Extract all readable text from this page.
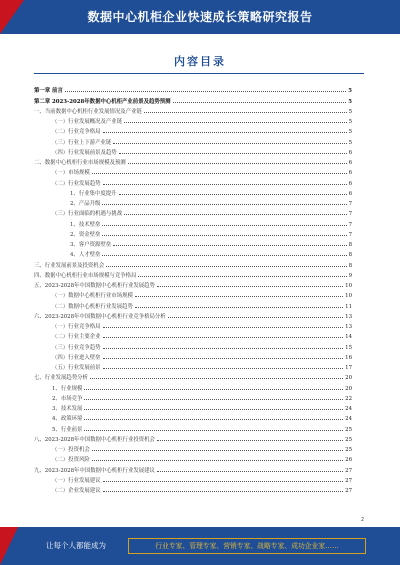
数据中心机柜企业快速成长策略研究报告
内容目录
第一章 前言	5
第二章 2023-2028年数据中心机柜产业前景及趋势预测	5
一、当前数据中心机柜行业发展情况及产业链	5
（一）行业发展概况及产业链	5
（二）行业竞争格局	5
（三）行业上下游产业链	5
（四）行业发展前景及趋势	6
二、数据中心机柜行业市场规模及预测	6
（一）市场规模	6
（二）行业发展趋势	6
1、行业集中度提升	6
2、产品升级	7
（三）行业面临的机遇与挑战	7
1、技术壁垒	7
2、资金壁垒	7
3、客户资源壁垒	8
4、人才壁垒	8
三、行业发展前景及投资机会	8
四、数据中心机柜行业市场规模与竞争格局	9
五、2023-2028年中国数据中心机柜行业发展趋势	10
（一）数据中心机柜行业市场规模	10
（二）数据中心机柜行业发展趋势	11
六、2023-2028年中国数据中心机柜行业竞争格局分析	13
（一）行业竞争格局	13
（二）行业主要企业	14
（三）行业竞争趋势	15
（四）行业进入壁垒	16
（五）行业发展前景	17
七、行业发展趋势分析	20
1、行业规模	20
2、市场竞争	22
3、技术发展	24
4、政策环境	24
5、行业前景	25
八、2023-2028年中国数据中心机柜行业投资机会	25
（一）投资机会	25
（二）投资风险	26
九、2023-2028年中国数据中心机柜行业发展建议	27
（一）行业发展建议	27
（二）企业发展建议	27
2
让每个人都能成为	行业专家、管理专家、营销专家、战略专家、成功企业家……
